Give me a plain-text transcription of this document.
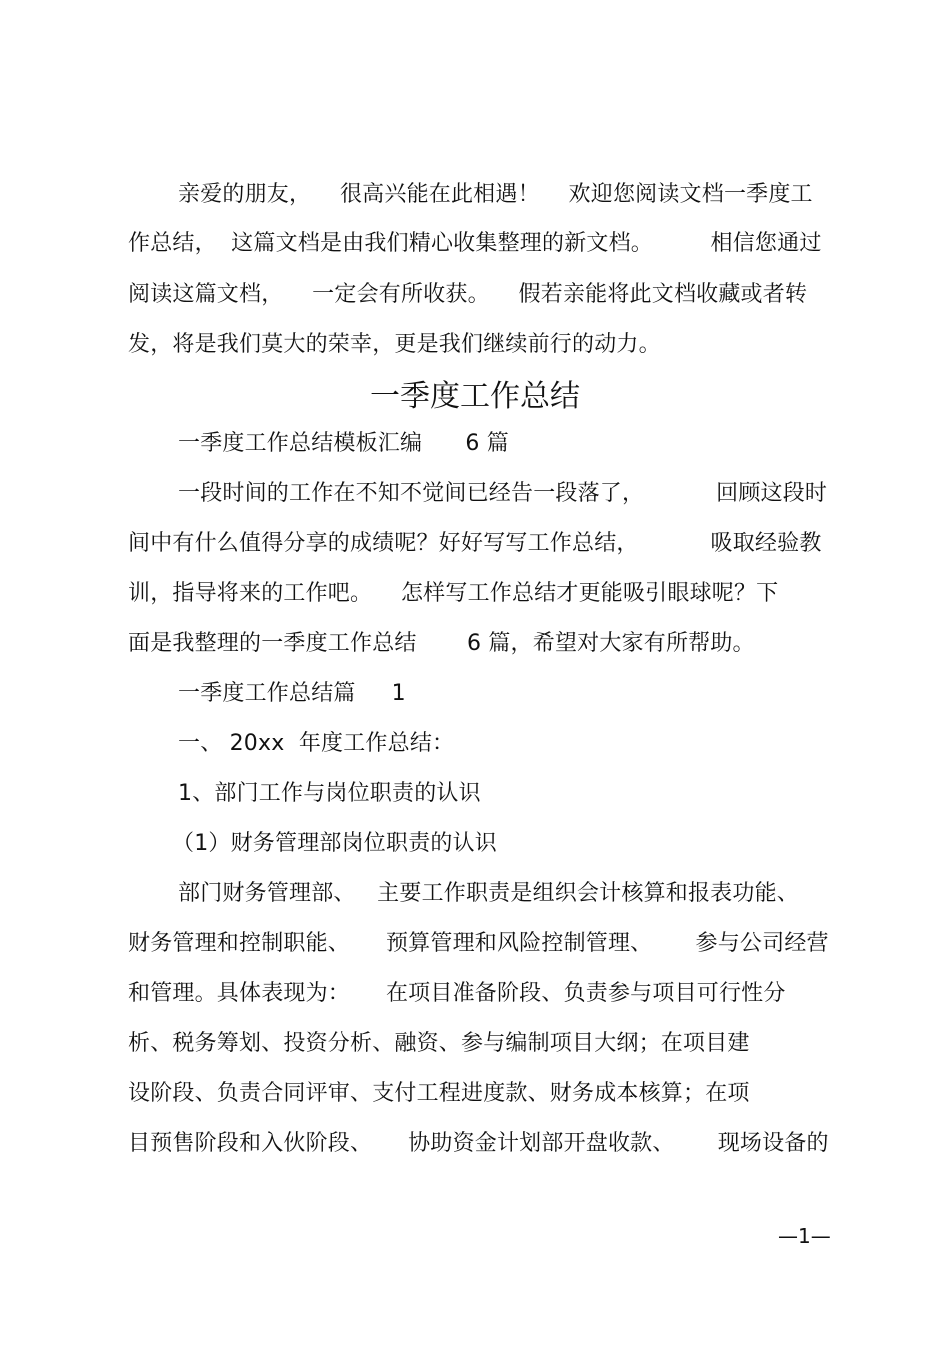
亲爱的朋友，    很高兴能在此相遇！    欢迎您阅读文档一季度工

作总结，  这篇文档是由我们精心收集整理的新文档。        相信您通过

阅读这篇文档，    一定会有所收获。    假若亲能将此文档收藏或者转

发，将是我们莫大的荣幸，更是我们继续前行的动力。

一季度工作总结

一季度工作总结模板汇编      6 篇

一段时间的工作在不知不觉间已经告一段落了，          回顾这段时

间中有什么值得分享的成绩呢？好好写写工作总结，          吸取经验教

训，指导将来的工作吧。    怎样写工作总结才更能吸引眼球呢？下

面是我整理的一季度工作总结       6 篇，希望对大家有所帮助。

一季度工作总结篇     1

一、 20xx  年度工作总结：

1、部门工作与岗位职责的认识

（1）财务管理部岗位职责的认识

部门财务管理部、   主要工作职责是组织会计核算和报表功能、

财务管理和控制职能、     预算管理和风险控制管理、      参与公司经营

和管理。具体表现为：     在项目准备阶段、负责参与项目可行性分

析、税务筹划、投资分析、融资、参与编制项目大纲；在项目建

设阶段、负责合同评审、支付工程进度款、财务成本核算；在项

目预售阶段和入伙阶段、     协助资金计划部开盘收款、      现场设备的

—1—
